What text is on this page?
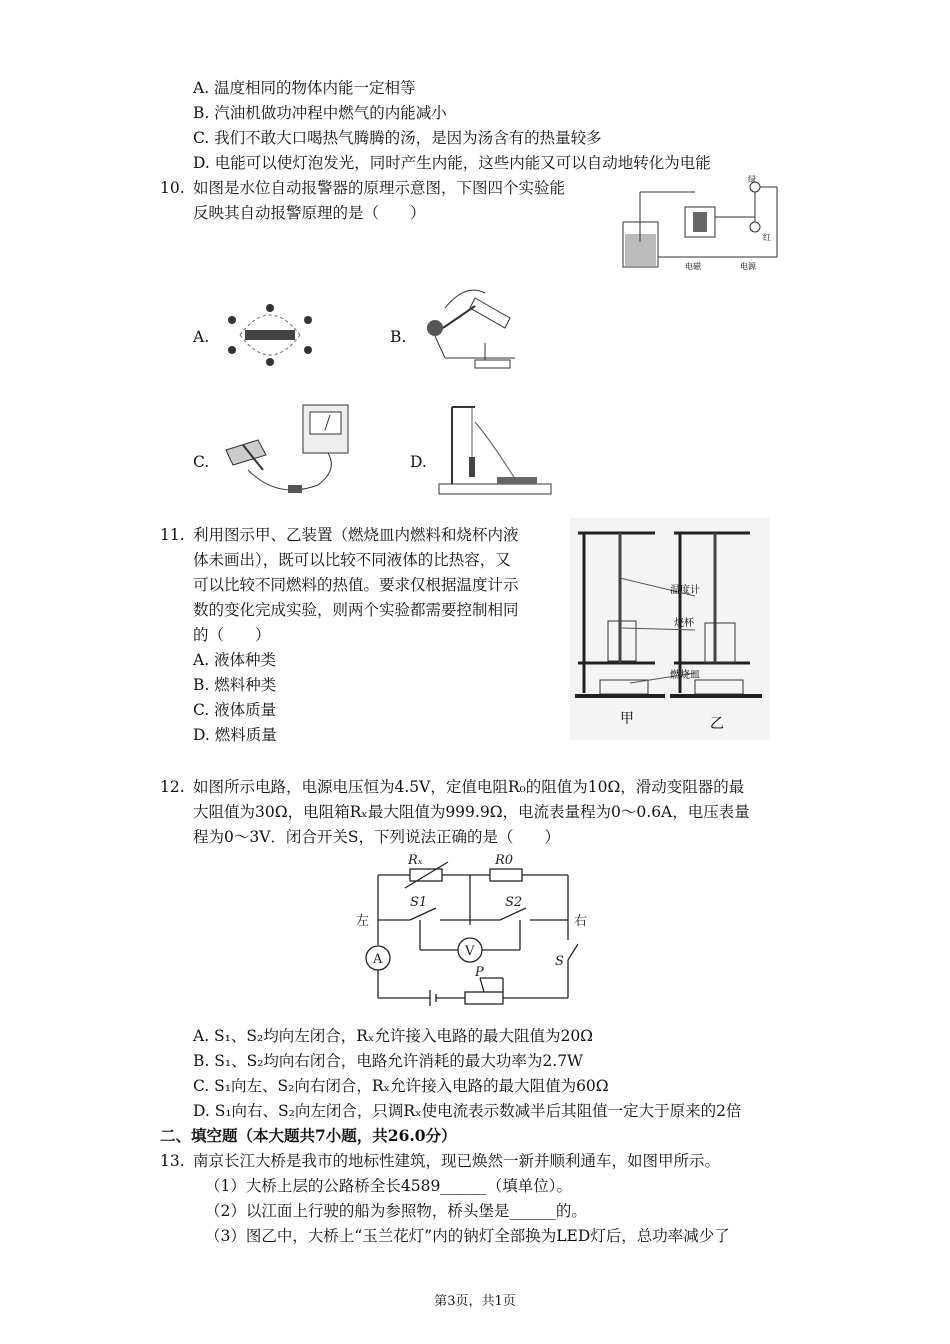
A. 温度相同的物体内能一定相等
B. 汽油机做功冲程中燃气的内能减小
C. 我们不敢大口喝热气腾腾的汤，是因为汤含有的热量较多
D. 电能可以使灯泡发光，同时产生内能，这些内能又可以自动地转化为电能
10. 如图是水位自动报警器的原理示意图，下图四个实验能
反映其自动报警原理的是（　　）
绿
红
电磁	电源
A.	B.
C.	D.
11. 利用图示甲、乙装置（燃烧皿内燃料和烧杯内液
体未画出），既可以比较不同液体的比热容，又
可以比较不同燃料的热值。要求仅根据温度计示
数的变化完成实验，则两个实验都需要控制相同
的（　　）
A. 液体种类
B. 燃料种类
C. 液体质量
D. 燃料质量
温度计
烧杯
燃烧皿
甲	乙
12. 如图所示电路，电源电压恒为4.5V，定值电阻R₀的阻值为10Ω，滑动变阻器的最
大阻值为30Ω，电阻箱Rₓ最大阻值为999.9Ω，电流表量程为0～0.6A，电压表量
程为0～3V．闭合开关S，下列说法正确的是（　　）
Rₓ	R0
左	右
S1	S2
V
A	S
P
A. S₁、S₂均向左闭合，Rₓ允许接入电路的最大阻值为20Ω
B. S₁、S₂均向右闭合，电路允许消耗的最大功率为2.7W
C. S₁向左、S₂向右闭合，Rₓ允许接入电路的最大阻值为60Ω
D. S₁向右、S₂向左闭合，只调Rₓ使电流表示数减半后其阻值一定大于原来的2倍
二、填空题（本大题共7小题，共26.0分）
13. 南京长江大桥是我市的地标性建筑，现已焕然一新并顺利通车，如图甲所示。
（1）大桥上层的公路桥全长4589______（填单位）。
（2）以江面上行驶的船为参照物，桥头堡是______的。
（3）图乙中，大桥上“玉兰花灯”内的钠灯全部换为LED灯后，总功率减少了
第3页，共1页
